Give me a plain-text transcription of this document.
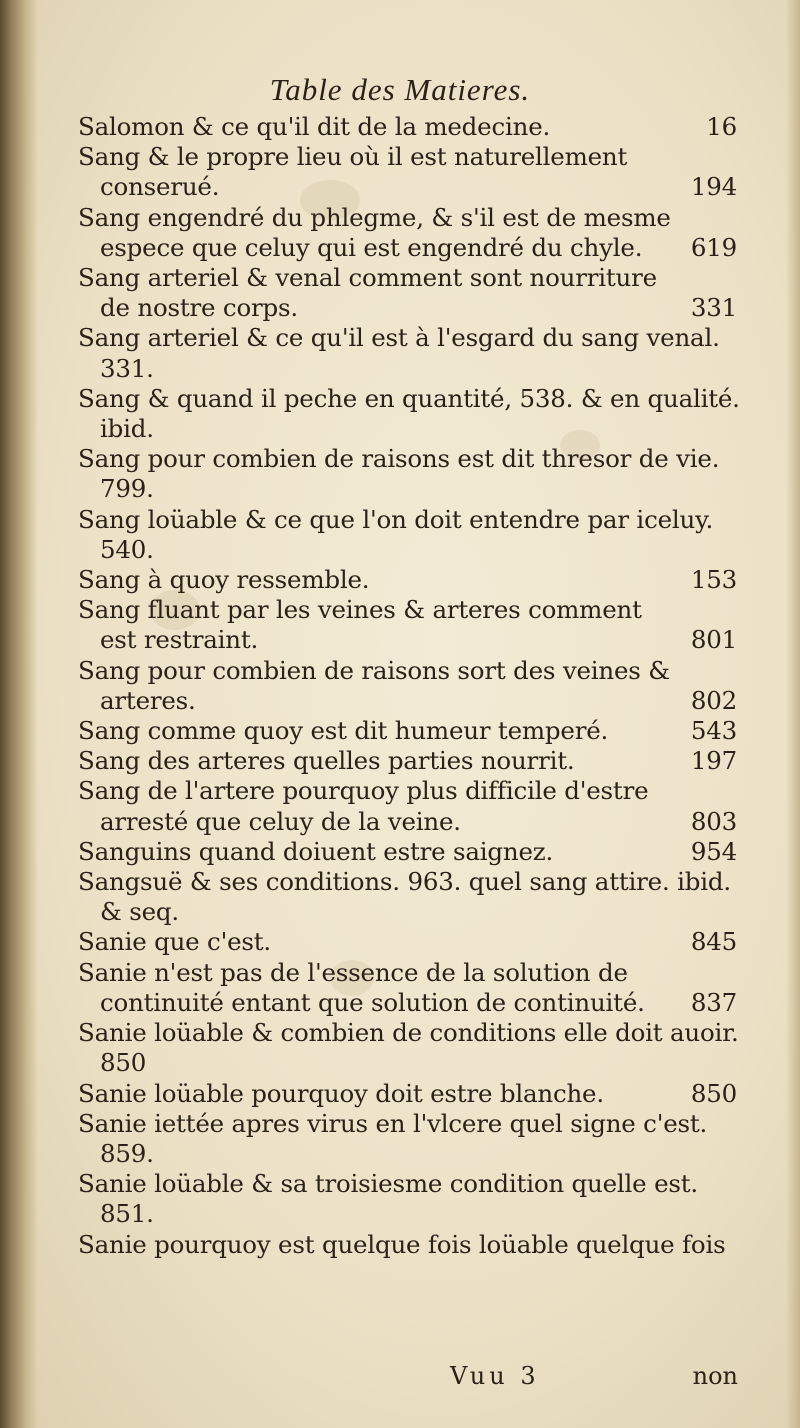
Table des Matieres.
Salomon & ce qu'il dit de la medecine.	16
Sang & le propre lieu où il est naturellement conserué.	194
Sang engendré du phlegme, & s'il est de mesme espece que celuy qui est engendré du chyle.	619
Sang arteriel & venal comment sont nourriture de nostre corps.	331
Sang arteriel & ce qu'il est à l'esgard du sang venal. 331.
Sang & quand il peche en quantité, 538. & en qualité. ibid.
Sang pour combien de raisons est dit thresor de vie. 799.
Sang loüable & ce que l'on doit entendre par iceluy. 540.
Sang à quoy ressemble.	153
Sang fluant par les veines & arteres comment est restraint.	801
Sang pour combien de raisons sort des veines & arteres.	802
Sang comme quoy est dit humeur temperé.	543
Sang des arteres quelles parties nourrit.	197
Sang de l'artere pourquoy plus difficile d'estre arresté que celuy de la veine.	803
Sanguins quand doiuent estre saignez.	954
Sangsuë & ses conditions. 963. quel sang attire. ibid. & seq.
Sanie que c'est.	845
Sanie n'est pas de l'essence de la solution de continuité entant que solution de continuité.	837
Sanie loüable & combien de conditions elle doit auoir. 850
Sanie loüable pourquoy doit estre blanche.	850
Sanie iettée apres virus en l'vlcere quel signe c'est. 859.
Sanie loüable & sa troisiesme condition quelle est. 851.
Sanie pourquoy est quelque fois loüable quelque fois
Vuu 3	non
